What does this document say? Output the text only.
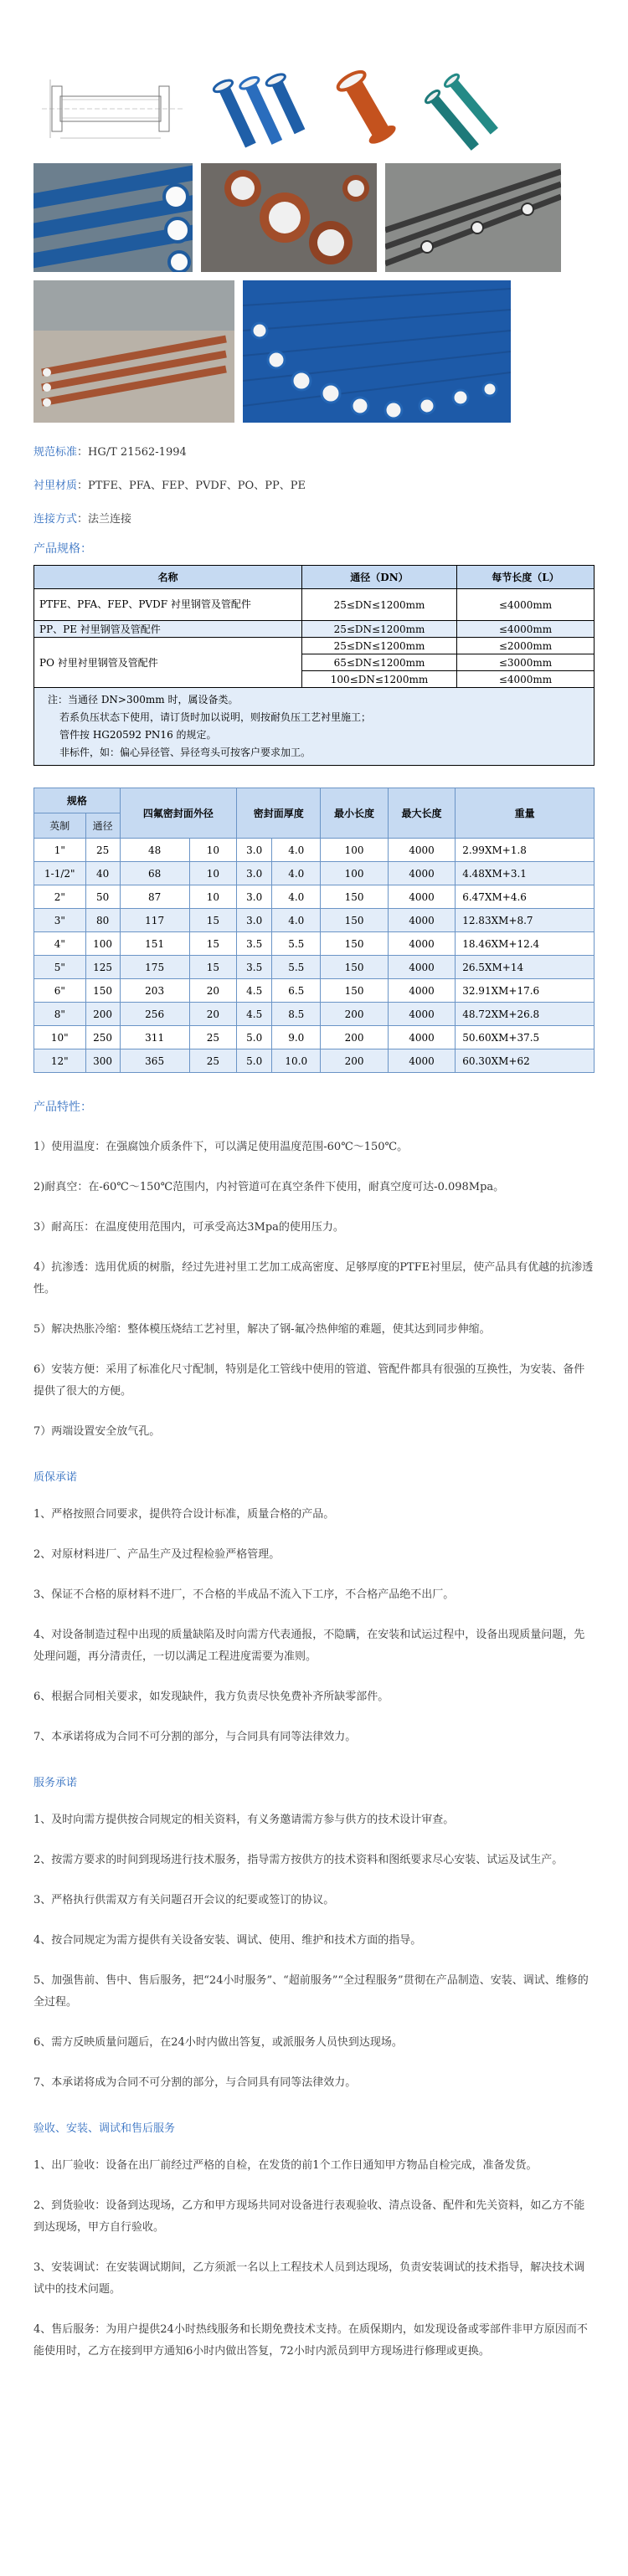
规范标准：HG/T 21562-1994
衬里材质：PTFE、PFA、FEP、PVDF、PO、PP、PE
连接方式：法兰连接
产品规格：
名称	通径（DN）	每节长度（L）
PTFE、PFA、FEP、PVDF 衬里钢管及管配件	25≤DN≤1200mm	≤4000mm
PP、PE 衬里钢管及管配件	25≤DN≤1200mm	≤4000mm
PO 衬里衬里钢管及管配件	25≤DN≤1200mm	≤2000mm
	65≤DN≤1200mm	≤3000mm
	100≤DN≤1200mm	≤4000mm

注：当通径 DN>300mm 时，属设备类。
若系负压状态下使用，请订货时加以说明，则按耐负压工艺衬里施工；
管件按 HG20592 PN16 的规定。
非标件，如：偏心异径管、异径弯头可按客户要求加工。		
规格		四氟密封面外径		密封面厚度		最小长度	最大长度	重量
英制	通径							
1"	25	48	10	3.0	4.0	100	4000	2.99XM+1.8
1-1/2"	40	68	10	3.0	4.0	100	4000	4.48XM+3.1
2"	50	87	10	3.0	4.0	150	4000	6.47XM+4.6
3"	80	117	15	3.0	4.0	150	4000	12.83XM+8.7
4"	100	151	15	3.5	5.5	150	4000	18.46XM+12.4
5"	125	175	15	3.5	5.5	150	4000	26.5XM+14
6"	150	203	20	4.5	6.5	150	4000	32.91XM+17.6
8"	200	256	20	4.5	8.5	200	4000	48.72XM+26.8
10"	250	311	25	5.0	9.0	200	4000	50.60XM+37.5
12"	300	365	25	5.0	10.0	200	4000	60.30XM+62
产品特性：
1）使用温度：在强腐蚀介质条件下，可以满足使用温度范围-60℃～150℃。
2)耐真空：在-60℃～150℃范围内，内衬管道可在真空条件下使用，耐真空度可达-0.098Mpa。
3）耐高压：在温度使用范围内，可承受高达3Mpa的使用压力。
4）抗渗透：选用优质的树脂，经过先进衬里工艺加工成高密度、足够厚度的PTFE衬里层，使产品具有优越的抗渗透性。
5）解决热胀冷缩：整体模压烧结工艺衬里，解决了钢-氟冷热伸缩的难题，使其达到同步伸缩。
6）安装方便：采用了标准化尺寸配制，特别是化工管线中使用的管道、管配件都具有很强的互换性，为安装、备件提供了很大的方便。
7）两端设置安全放气孔。
质保承诺
1、严格按照合同要求，提供符合设计标准，质量合格的产品。
2、对原材料进厂、产品生产及过程检验严格管理。
3、保证不合格的原材料不进厂，不合格的半成品不流入下工序，不合格产品绝不出厂。
4、对设备制造过程中出现的质量缺陷及时向需方代表通报，不隐瞒，在安装和试运过程中，设备出现质量问题，先处理问题，再分清责任，一切以满足工程进度需要为准则。
6、根据合同相关要求，如发现缺件，我方负责尽快免费补齐所缺零部件。
7、本承诺将成为合同不可分割的部分，与合同具有同等法律效力。
服务承诺
1、及时向需方提供按合同规定的相关资料，有义务邀请需方参与供方的技术设计审查。
2、按需方要求的时间到现场进行技术服务，指导需方按供方的技术资料和图纸要求尽心安装、试运及试生产。
3、严格执行供需双方有关问题召开会议的纪要或签订的协议。
4、按合同规定为需方提供有关设备安装、调试、使用、维护和技术方面的指导。
5、加强售前、售中、售后服务，把“24小时服务”、“超前服务”“全过程服务”贯彻在产品制造、安装、调试、维修的全过程。
6、需方反映质量问题后，在24小时内做出答复，或派服务人员快到达现场。
7、本承诺将成为合同不可分割的部分，与合同具有同等法律效力。
验收、安装、调试和售后服务
1、出厂验收：设备在出厂前经过严格的自检，在发货的前1个工作日通知甲方物品自检完成，准备发货。
2、到货验收：设备到达现场，乙方和甲方现场共同对设备进行表观验收、清点设备、配件和先关资料，如乙方不能到达现场，甲方自行验收。
3、安装调试：在安装调试期间，乙方须派一名以上工程技术人员到达现场，负责安装调试的技术指导，解决技术调试中的技术问题。
4、售后服务：为用户提供24小时热线服务和长期免费技术支持。在质保期内，如发现设备或零部件非甲方原因而不能使用时，乙方在接到甲方通知6小时内做出答复，72小时内派员到甲方现场进行修理或更换。
